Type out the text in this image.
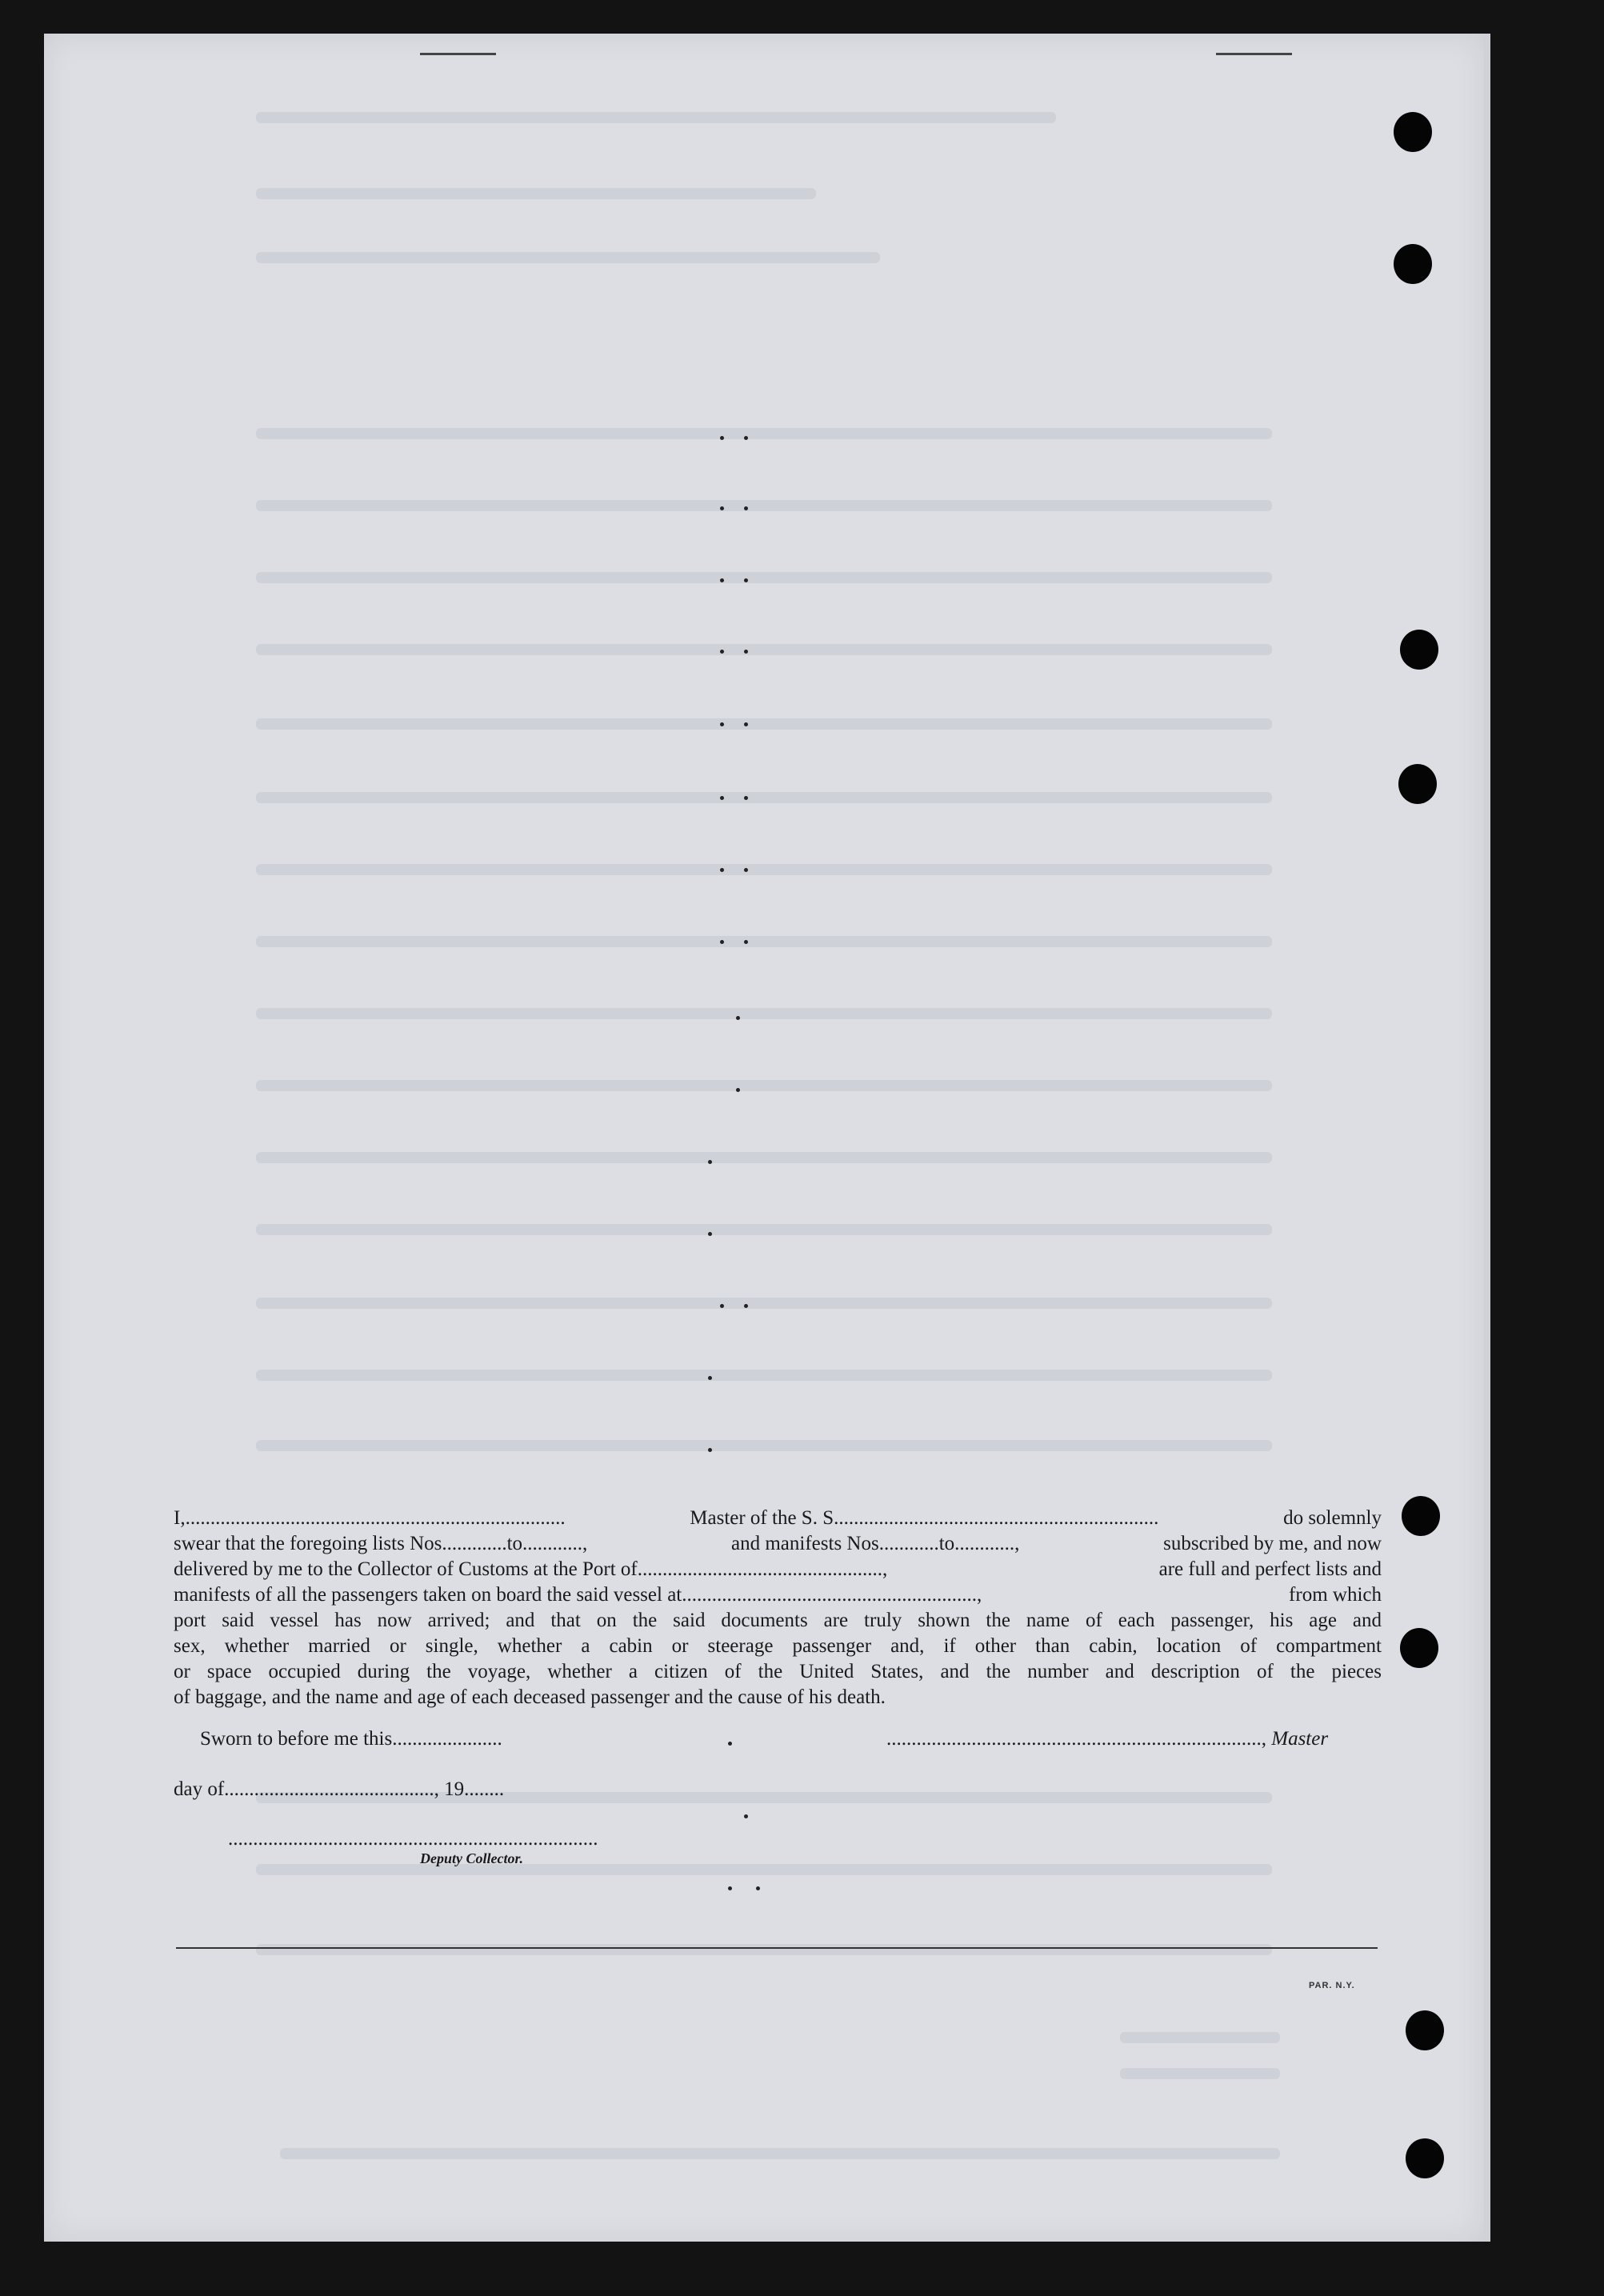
I,............................................................................	Master of the S. S.................................................................	do solemnly
swear that the foregoing lists Nos.............to............,	and manifests Nos............to............,	subscribed by me, and now
delivered by me to the Collector of Customs at the Port of.................................................,	are full and perfect lists and
manifests of all the passengers taken on board the said vessel at...........................................................,	from which
port said vessel has now arrived; and that on the said documents are truly shown the name of each passenger, his age and
sex, whether married or single, whether a cabin or steerage passenger and, if other than cabin, location of compartment
or space occupied during the voyage, whether a citizen of the United States, and the number and description of the pieces
of baggage, and the name and age of each deceased passenger and the cause of his death.
Sworn to before me this......................	..........................................................................., Master
day of.........................................., 19........
..........................................................................
Deputy Collector.
PAR. N.Y.
